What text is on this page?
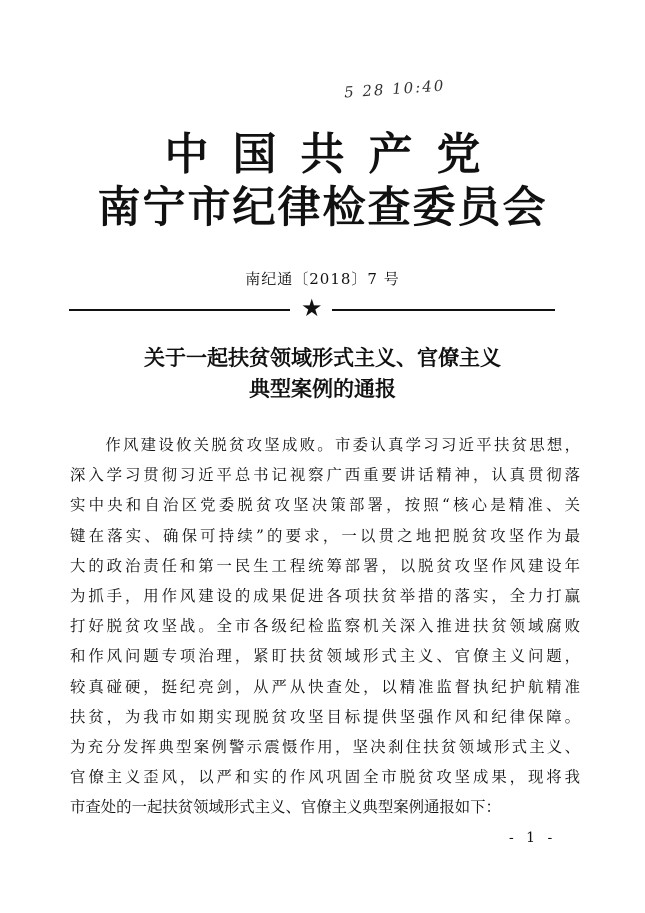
5 28 10:40
中国共产党
南宁市纪律检查委员会
南纪通〔2018〕7 号
★
关于一起扶贫领域形式主义、官僚主义
典型案例的通报
　　作风建设攸关脱贫攻坚成败。市委认真学习习近平扶贫思想，
深入学习贯彻习近平总书记视察广西重要讲话精神，认真贯彻落
实中央和自治区党委脱贫攻坚决策部署，按照“核心是精准、关
键在落实、确保可持续”的要求，一以贯之地把脱贫攻坚作为最
大的政治责任和第一民生工程统筹部署，以脱贫攻坚作风建设年
为抓手，用作风建设的成果促进各项扶贫举措的落实，全力打赢
打好脱贫攻坚战。全市各级纪检监察机关深入推进扶贫领域腐败
和作风问题专项治理，紧盯扶贫领域形式主义、官僚主义问题，
较真碰硬，挺纪亮剑，从严从快查处，以精准监督执纪护航精准
扶贫，为我市如期实现脱贫攻坚目标提供坚强作风和纪律保障。
为充分发挥典型案例警示震慑作用，坚决刹住扶贫领域形式主义、
官僚主义歪风，以严和实的作风巩固全市脱贫攻坚成果，现将我
市查处的一起扶贫领域形式主义、官僚主义典型案例通报如下：
- 1 -
